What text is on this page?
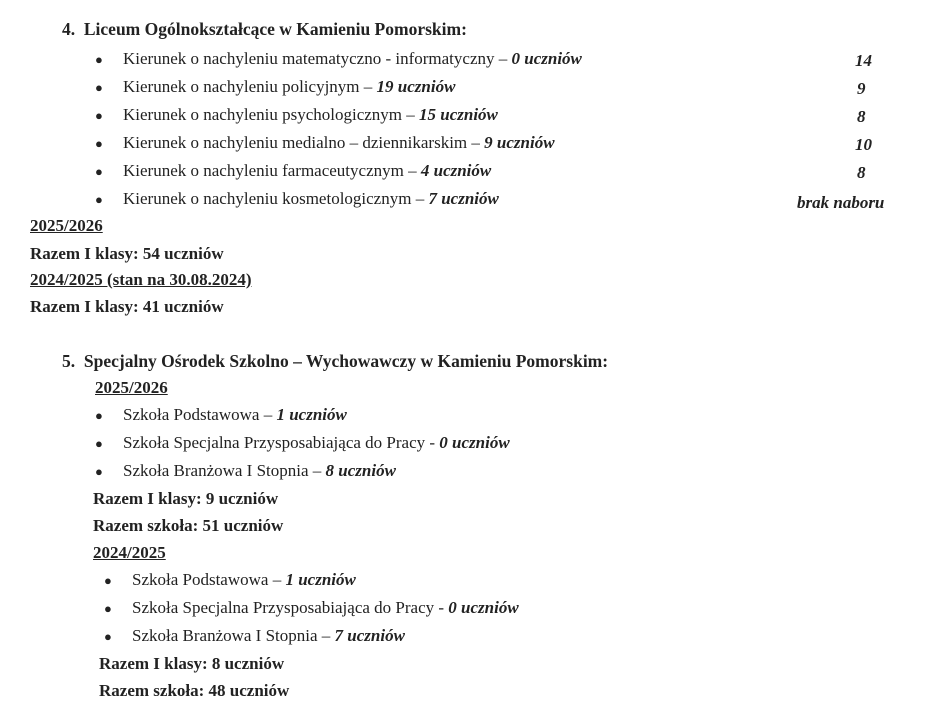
4. Liceum Ogólnokształcące w Kamieniu Pomorskim:
● Kierunek o nachyleniu matematyczno - informatyczny – 0 uczniów	14
● Kierunek o nachyleniu policyjnym – 19 uczniów	9
● Kierunek o nachyleniu psychologicznym – 15 uczniów	8
● Kierunek o nachyleniu medialno – dziennikarskim – 9 uczniów	10
● Kierunek o nachyleniu farmaceutycznym – 4 uczniów	8
● Kierunek o nachyleniu kosmetologicznym – 7 uczniów	brak naboru
2025/2026
Razem I klasy: 54 uczniów
2024/2025 (stan na 30.08.2024)
Razem I klasy: 41 uczniów
5. Specjalny Ośrodek Szkolno – Wychowawczy w Kamieniu Pomorskim:
2025/2026
● Szkoła Podstawowa – 1 uczniów
● Szkoła Specjalna Przysposabiająca do Pracy - 0 uczniów
● Szkoła Branżowa I Stopnia – 8 uczniów
Razem I klasy: 9 uczniów
Razem szkoła: 51 uczniów
2024/2025
● Szkoła Podstawowa – 1 uczniów
● Szkoła Specjalna Przysposabiająca do Pracy - 0 uczniów
● Szkoła Branżowa I Stopnia – 7 uczniów
Razem I klasy: 8 uczniów
Razem szkoła: 48 uczniów
